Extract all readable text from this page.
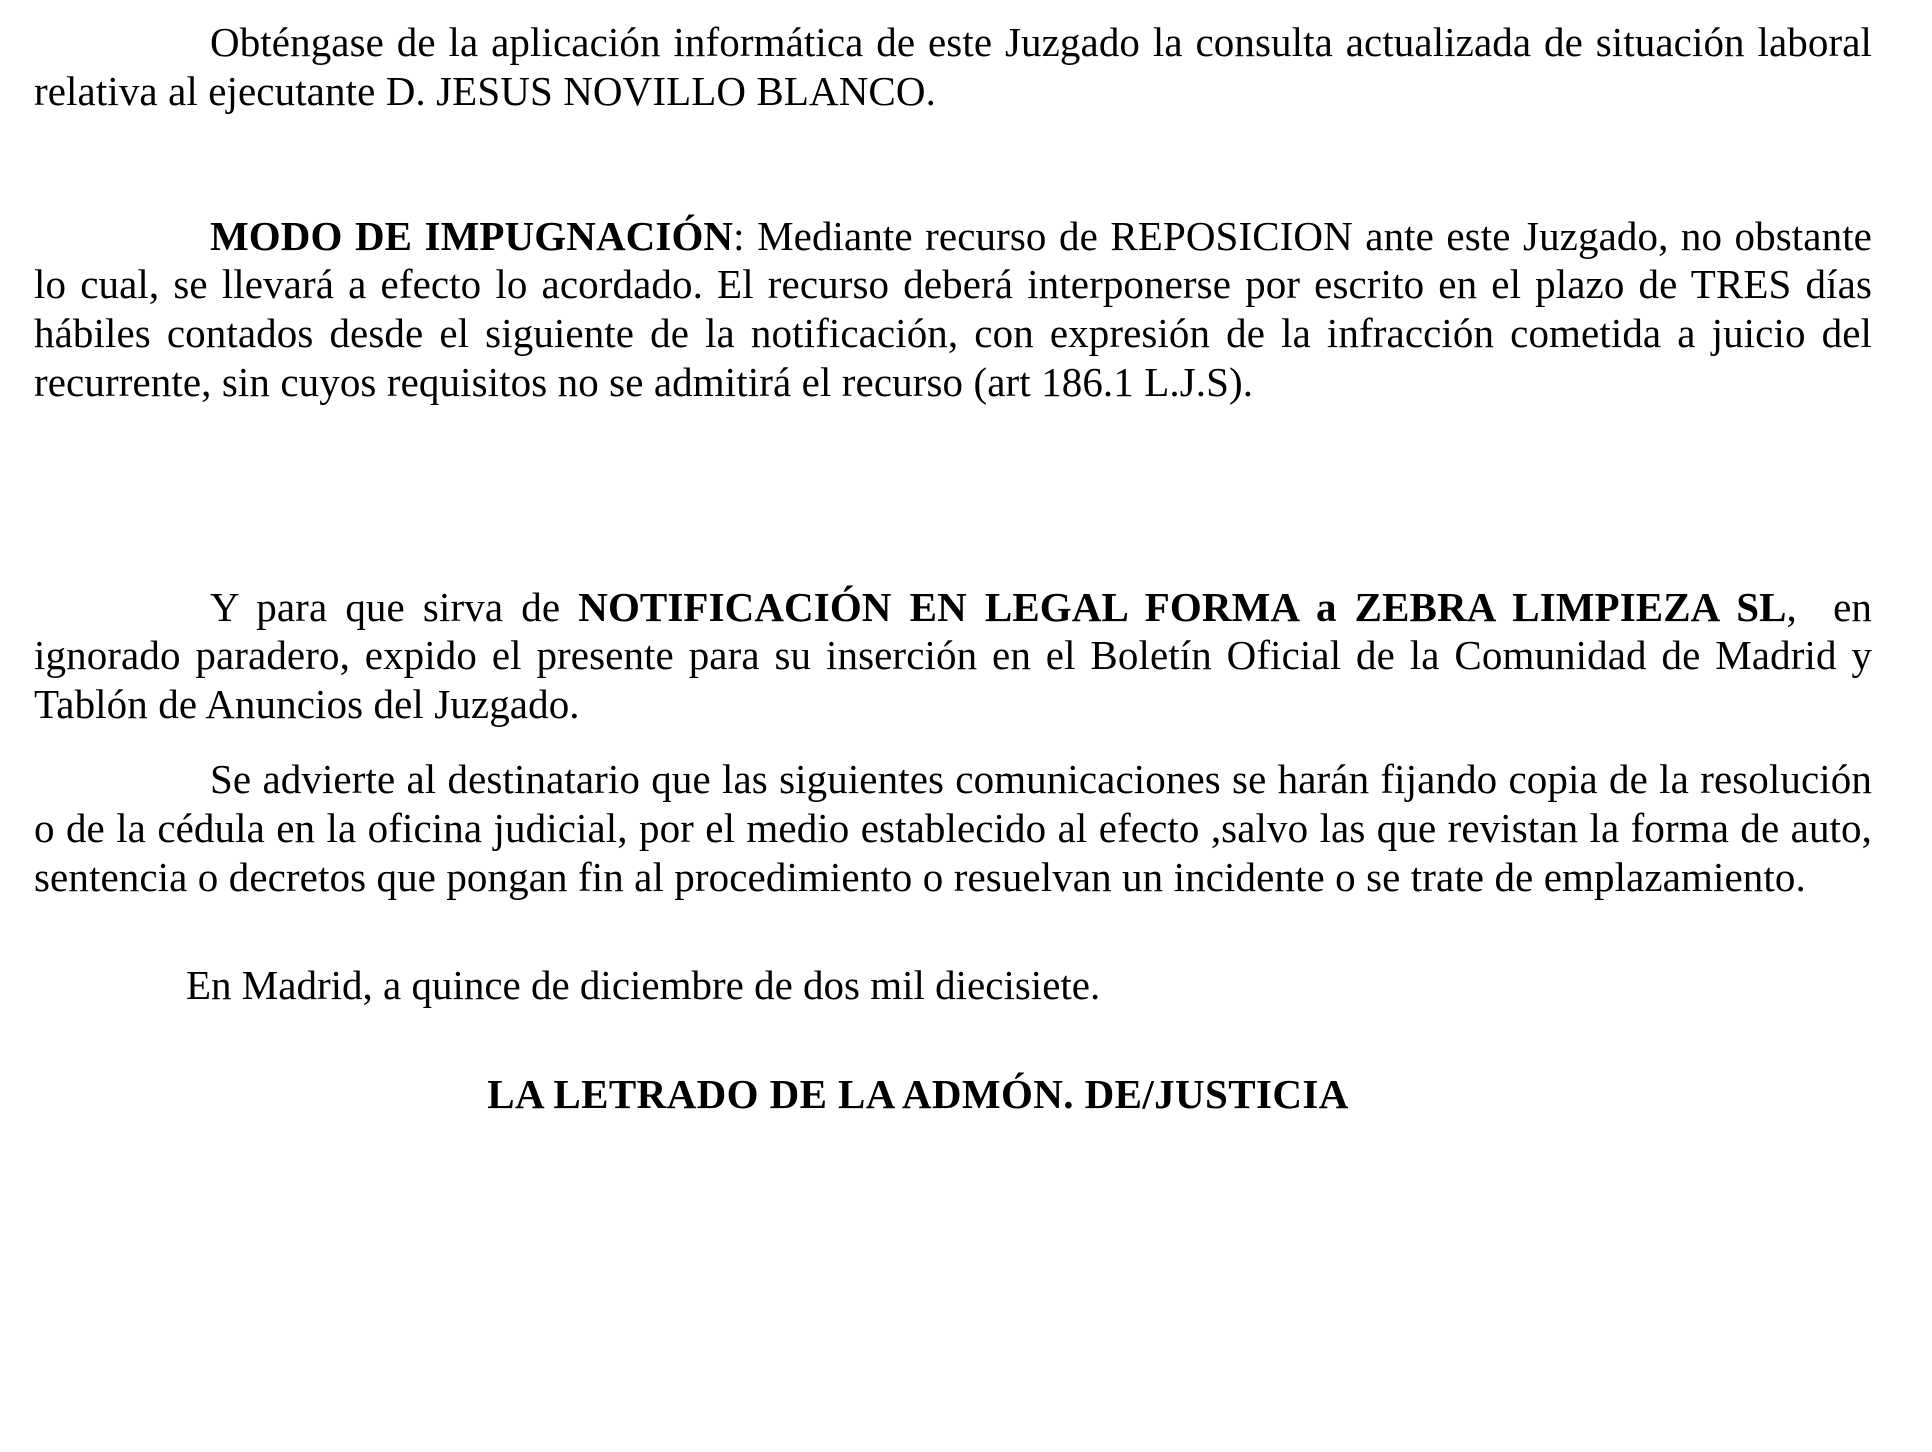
Obténgase de la aplicación informática de este Juzgado la consulta actualizada de situación laboral relativa al ejecutante D. JESUS NOVILLO BLANCO.

MODO DE IMPUGNACIÓN: Mediante recurso de REPOSICION ante este Juzgado, no obstante lo cual, se llevará a efecto lo acordado. El recurso deberá interponerse por escrito en el plazo de TRES días hábiles contados desde el siguiente de la notificación, con expresión de la infracción cometida a juicio del recurrente, sin cuyos requisitos no se admitirá el recurso (art 186.1 L.J.S).

Y para que sirva de NOTIFICACIÓN EN LEGAL FORMA a ZEBRA LIMPIEZA SL,  en ignorado paradero, expido el presente para su inserción en el Boletín Oficial de la Comunidad de Madrid y Tablón de Anuncios del Juzgado.

Se advierte al destinatario que las siguientes comunicaciones se harán fijando copia de la resolución o de la cédula en la oficina judicial, por el medio establecido al efecto ,salvo las que revistan la forma de auto, sentencia o decretos que pongan fin al procedimiento o resuelvan un incidente o se trate de emplazamiento.

En Madrid, a quince de diciembre de dos mil diecisiete.

LA LETRADO DE LA ADMÓN. DE/JUSTICIA
